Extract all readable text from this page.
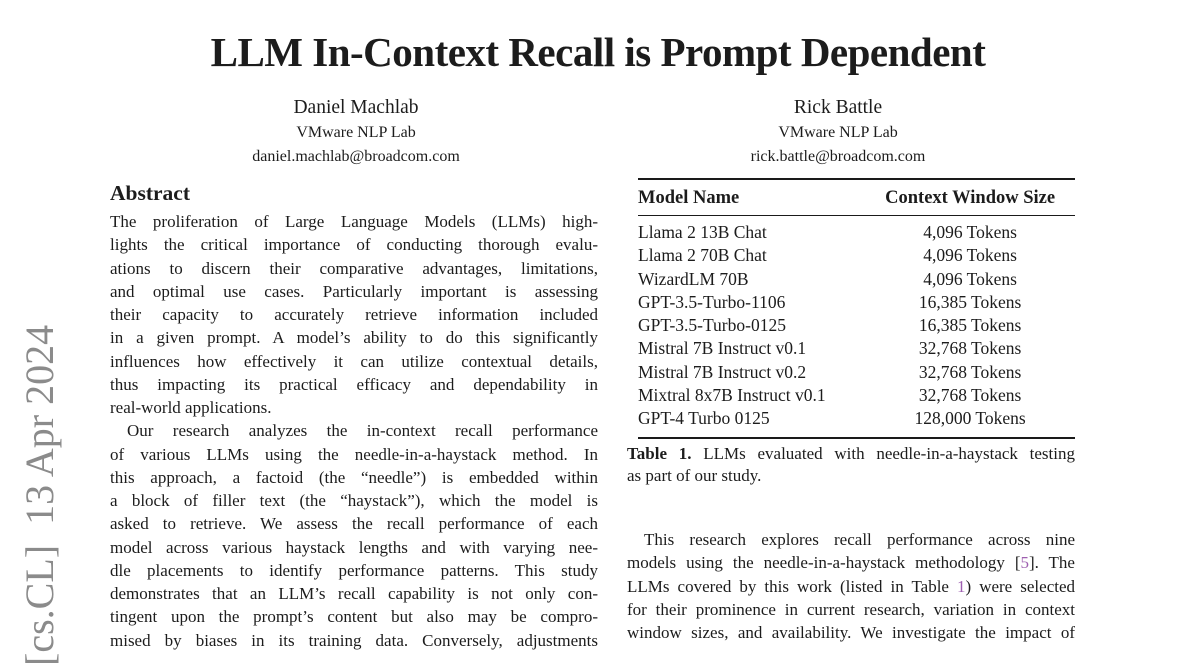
[cs.CL]  13 Apr 2024
LLM In-Context Recall is Prompt Dependent
Daniel Machlab
VMware NLP Lab
daniel.machlab@broadcom.com
Rick Battle
VMware NLP Lab
rick.battle@broadcom.com
Abstract
The proliferation of Large Language Models (LLMs) high-
lights the critical importance of conducting thorough evalu-
ations to discern their comparative advantages, limitations,
and optimal use cases. Particularly important is assessing
their capacity to accurately retrieve information included
in a given prompt. A model’s ability to do this significantly
influences how effectively it can utilize contextual details,
thus impacting its practical efficacy and dependability in
real-world applications.
Our research analyzes the in-context recall performance
of various LLMs using the needle-in-a-haystack method. In
this approach, a factoid (the “needle”) is embedded within
a block of filler text (the “haystack”), which the model is
asked to retrieve. We assess the recall performance of each
model across various haystack lengths and with varying nee-
dle placements to identify performance patterns. This study
demonstrates that an LLM’s recall capability is not only con-
tingent upon the prompt’s content but also may be compro-
mised by biases in its training data. Conversely, adjustments
Model Name	Context Window Size
Llama 2 13B Chat	4,096 Tokens
Llama 2 70B Chat	4,096 Tokens
WizardLM 70B	4,096 Tokens
GPT-3.5-Turbo-1106	16,385 Tokens
GPT-3.5-Turbo-0125	16,385 Tokens
Mistral 7B Instruct v0.1	32,768 Tokens
Mistral 7B Instruct v0.2	32,768 Tokens
Mixtral 8x7B Instruct v0.1	32,768 Tokens
GPT-4 Turbo 0125	128,000 Tokens
Table 1. LLMs evaluated with needle-in-a-haystack testing
as part of our study.
This research explores recall performance across nine
models using the needle-in-a-haystack methodology [5]. The
LLMs covered by this work (listed in Table 1) were selected
for their prominence in current research, variation in context
window sizes, and availability. We investigate the impact of
